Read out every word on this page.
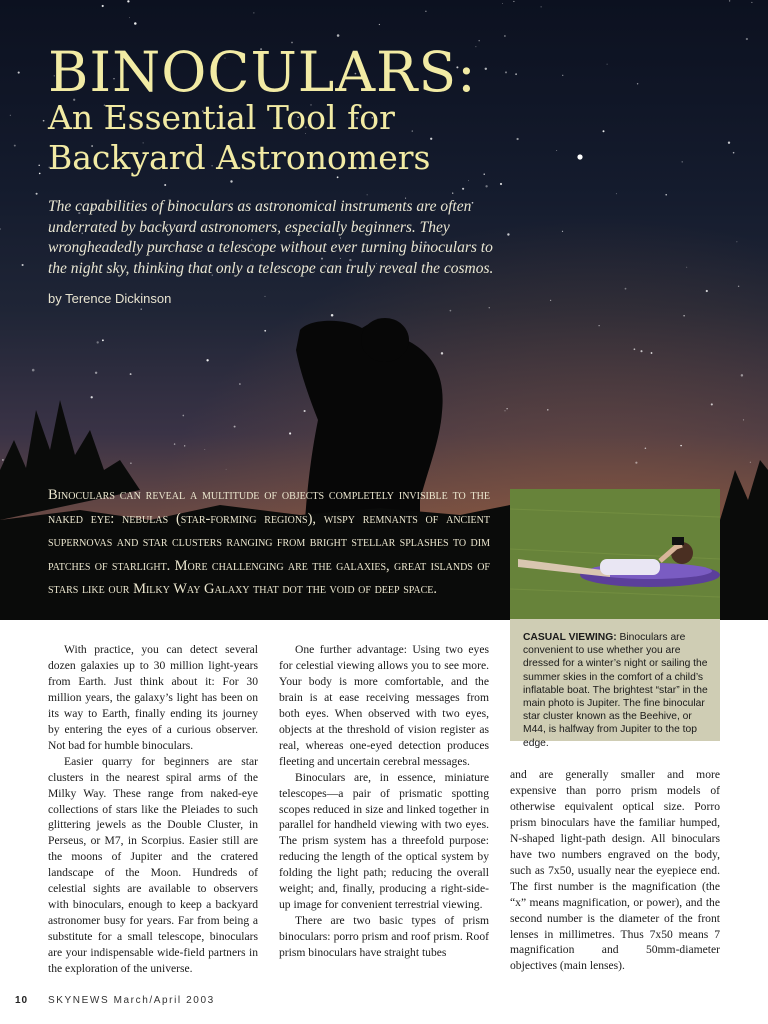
BINOCULARS:
An Essential Tool for
Backyard Astronomers

The capabilities of binoculars as astronomical instruments are often underrated by backyard astronomers, especially beginners. They wrongheadedly purchase a telescope without ever turning binoculars to the night sky, thinking that only a telescope can truly reveal the cosmos.

by Terence Dickinson

Binoculars can reveal a multitude of objects completely invisible to the naked eye: nebulas (star-forming regions), wispy remnants of ancient supernovas and star clusters ranging from bright stellar splashes to dim patches of starlight. More challenging are the galaxies, great islands of stars like our Milky Way Galaxy that dot the void of deep space.

CASUAL VIEWING: Binoculars are convenient to use whether you are dressed for a winter’s night or sailing the summer skies in the comfort of a child’s inflatable boat. The brightest “star” in the main photo is Jupiter. The fine binocular star cluster known as the Beehive, or M44, is halfway from Jupiter to the top edge.

With practice, you can detect several dozen galaxies up to 30 million light-years from Earth. Just think about it: For 30 million years, the galaxy’s light has been on its way to Earth, finally ending its journey by entering the eyes of a curious observer. Not bad for humble binoculars.

Easier quarry for beginners are star clusters in the nearest spiral arms of the Milky Way. These range from naked-eye collections of stars like the Pleiades to such glittering jewels as the Double Cluster, in Perseus, or M7, in Scorpius. Easier still are the moons of Jupiter and the cratered landscape of the Moon. Hundreds of celestial sights are available to observers with binoculars, enough to keep a backyard astronomer busy for years. Far from being a substitute for a small telescope, binoculars are your indispensable wide-field partners in the exploration of the universe.

One further advantage: Using two eyes for celestial viewing allows you to see more. Your body is more comfortable, and the brain is at ease receiving messages from both eyes. When observed with two eyes, objects at the threshold of vision register as real, whereas one-eyed detection produces fleeting and uncertain cerebral messages.

Binoculars are, in essence, miniature telescopes—a pair of prismatic spotting scopes reduced in size and linked together in parallel for handheld viewing with two eyes. The prism system has a threefold purpose: reducing the length of the optical system by folding the light path; reducing the overall weight; and, finally, producing a right-side-up image for convenient terrestrial viewing.

There are two basic types of prism binoculars: porro prism and roof prism. Roof prism binoculars have straight tubes

and are generally smaller and more expensive than porro prism models of otherwise equivalent optical size. Porro prism binoculars have the familiar humped, N-shaped light-path design. All binoculars have two numbers engraved on the body, such as 7x50, usually near the eyepiece end. The first number is the magnification (the “x” means magnification, or power), and the second number is the diameter of the front lenses in millimetres. Thus 7x50 means 7 magnification and 50mm-diameter objectives (main lenses).

10 SKYNEWS March/April 2003
